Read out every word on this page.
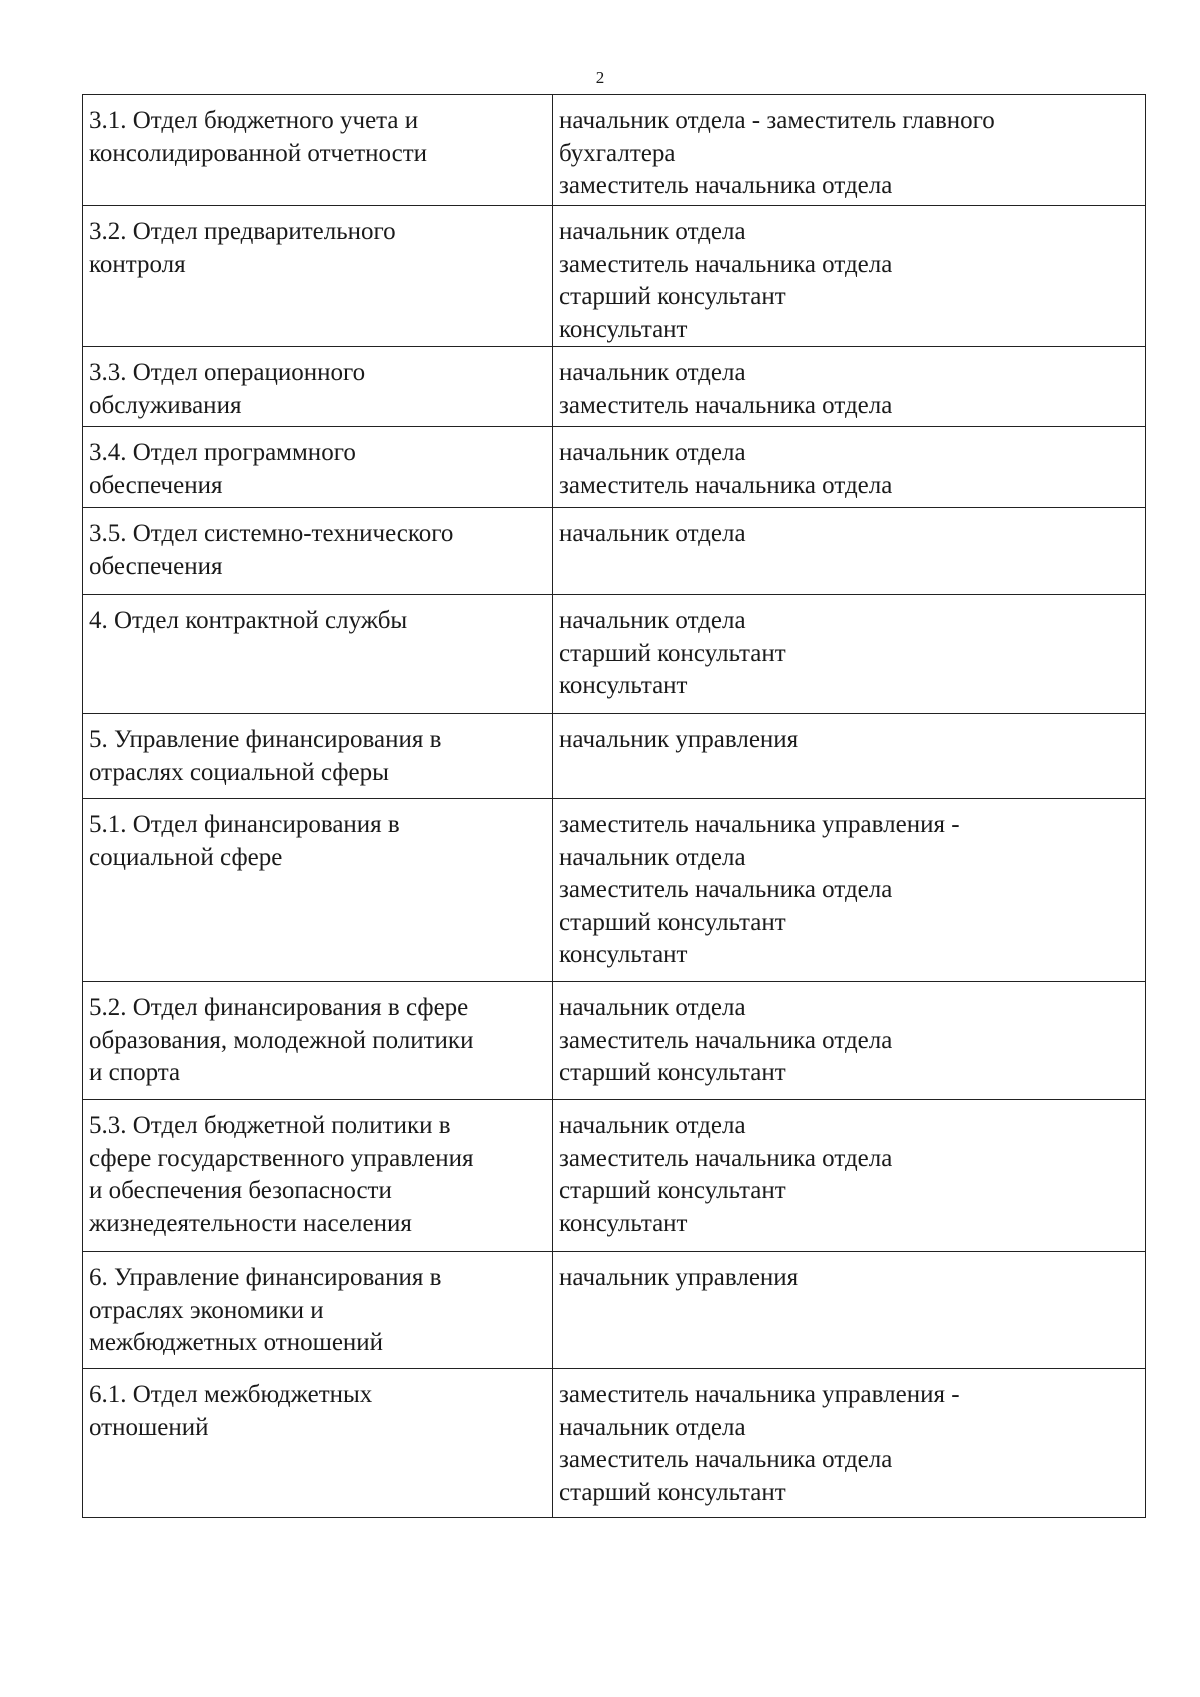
2
3.1. Отдел бюджетного учета и
консолидированной отчетности	начальник отдела - заместитель главного
бухгалтера
заместитель начальника отдела

3.2. Отдел предварительного
контроля	начальник отдела
заместитель начальника отдела
старший консультант
консультант

3.3. Отдел операционного
обслуживания	начальник отдела
заместитель начальника отдела

3.4. Отдел программного
обеспечения	начальник отдела
заместитель начальника отдела

3.5. Отдел системно-технического
обеспечения	начальник отдела

4. Отдел контрактной службы	начальник отдела
старший консультант
консультант

5. Управление финансирования в
отраслях социальной сферы	начальник управления

5.1. Отдел финансирования в
социальной сфере	заместитель начальника управления -
начальник отдела
заместитель начальника отдела
старший консультант
консультант

5.2. Отдел финансирования в сфере
образования, молодежной политики
и спорта	начальник отдела
заместитель начальника отдела
старший консультант

5.3. Отдел бюджетной политики в
сфере государственного управления
и обеспечения безопасности
жизнедеятельности населения	начальник отдела
заместитель начальника отдела
старший консультант
консультант

6. Управление финансирования в
отраслях экономики и
межбюджетных отношений	начальник управления

6.1. Отдел межбюджетных
отношений	заместитель начальника управления -
начальник отдела
заместитель начальника отдела
старший консультант
